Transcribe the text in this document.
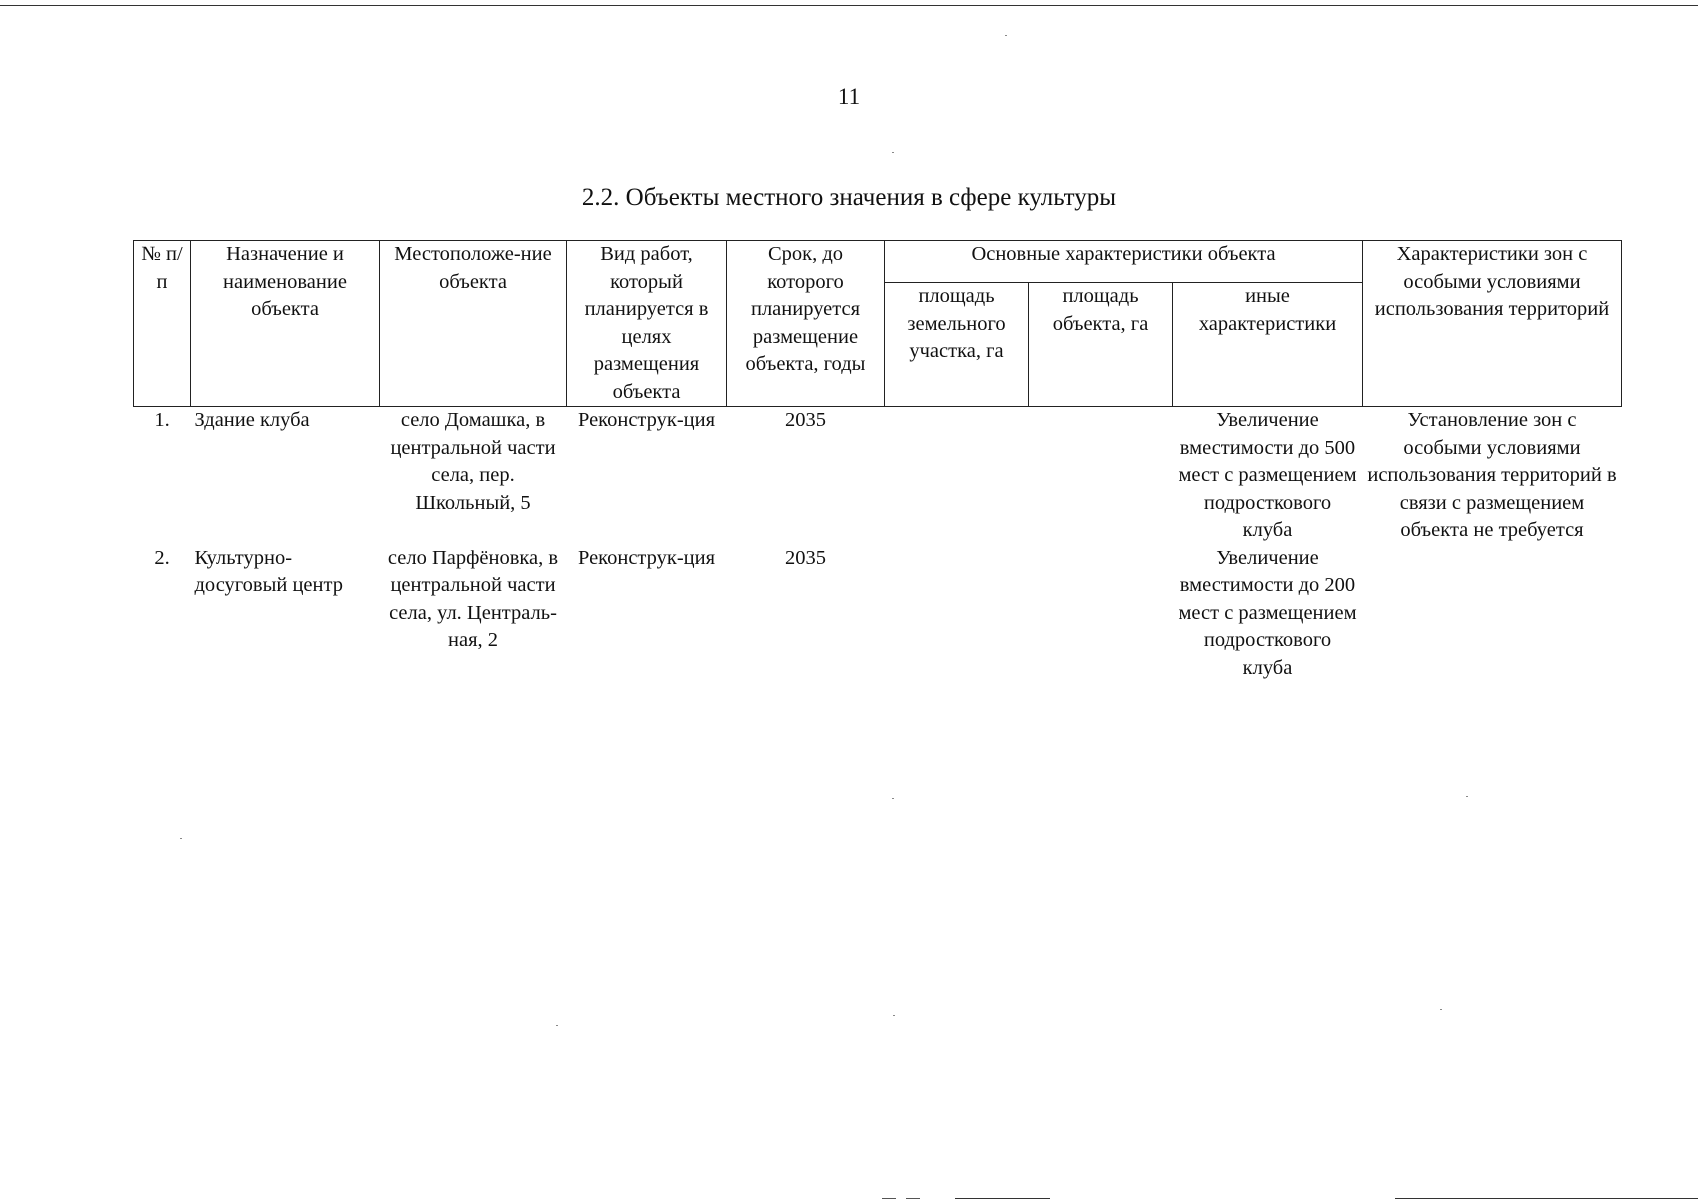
11
2.2. Объекты местного значения в сфере культуры
№ п/п	Назначение и наименование объекта	Местоположе-ние объекта	Вид работ, который планируется в целях размещения объекта	Срок, до которого планируется размещение объекта, годы	Основные характеристики объекта			Характеристики зон с особыми условиями использования территорий
					площадь земельного участка, га	площадь объекта, га	иные характеристики	
1.	Здание клуба	село Домашка, в центральной части села, пер. Школьный, 5	Реконструк-ция	2035			Увеличение вместимости до 500 мест с размещением подросткового клуба	Установление зон с особыми условиями использования территорий в связи с размещением объекта не требуется
2.	Культурно-досуговый центр	село Парфёновка, в центральной части села, ул. Централь-ная, 2	Реконструк-ция	2035			Увеличение вместимости до 200 мест с размещением подросткового клуба	
